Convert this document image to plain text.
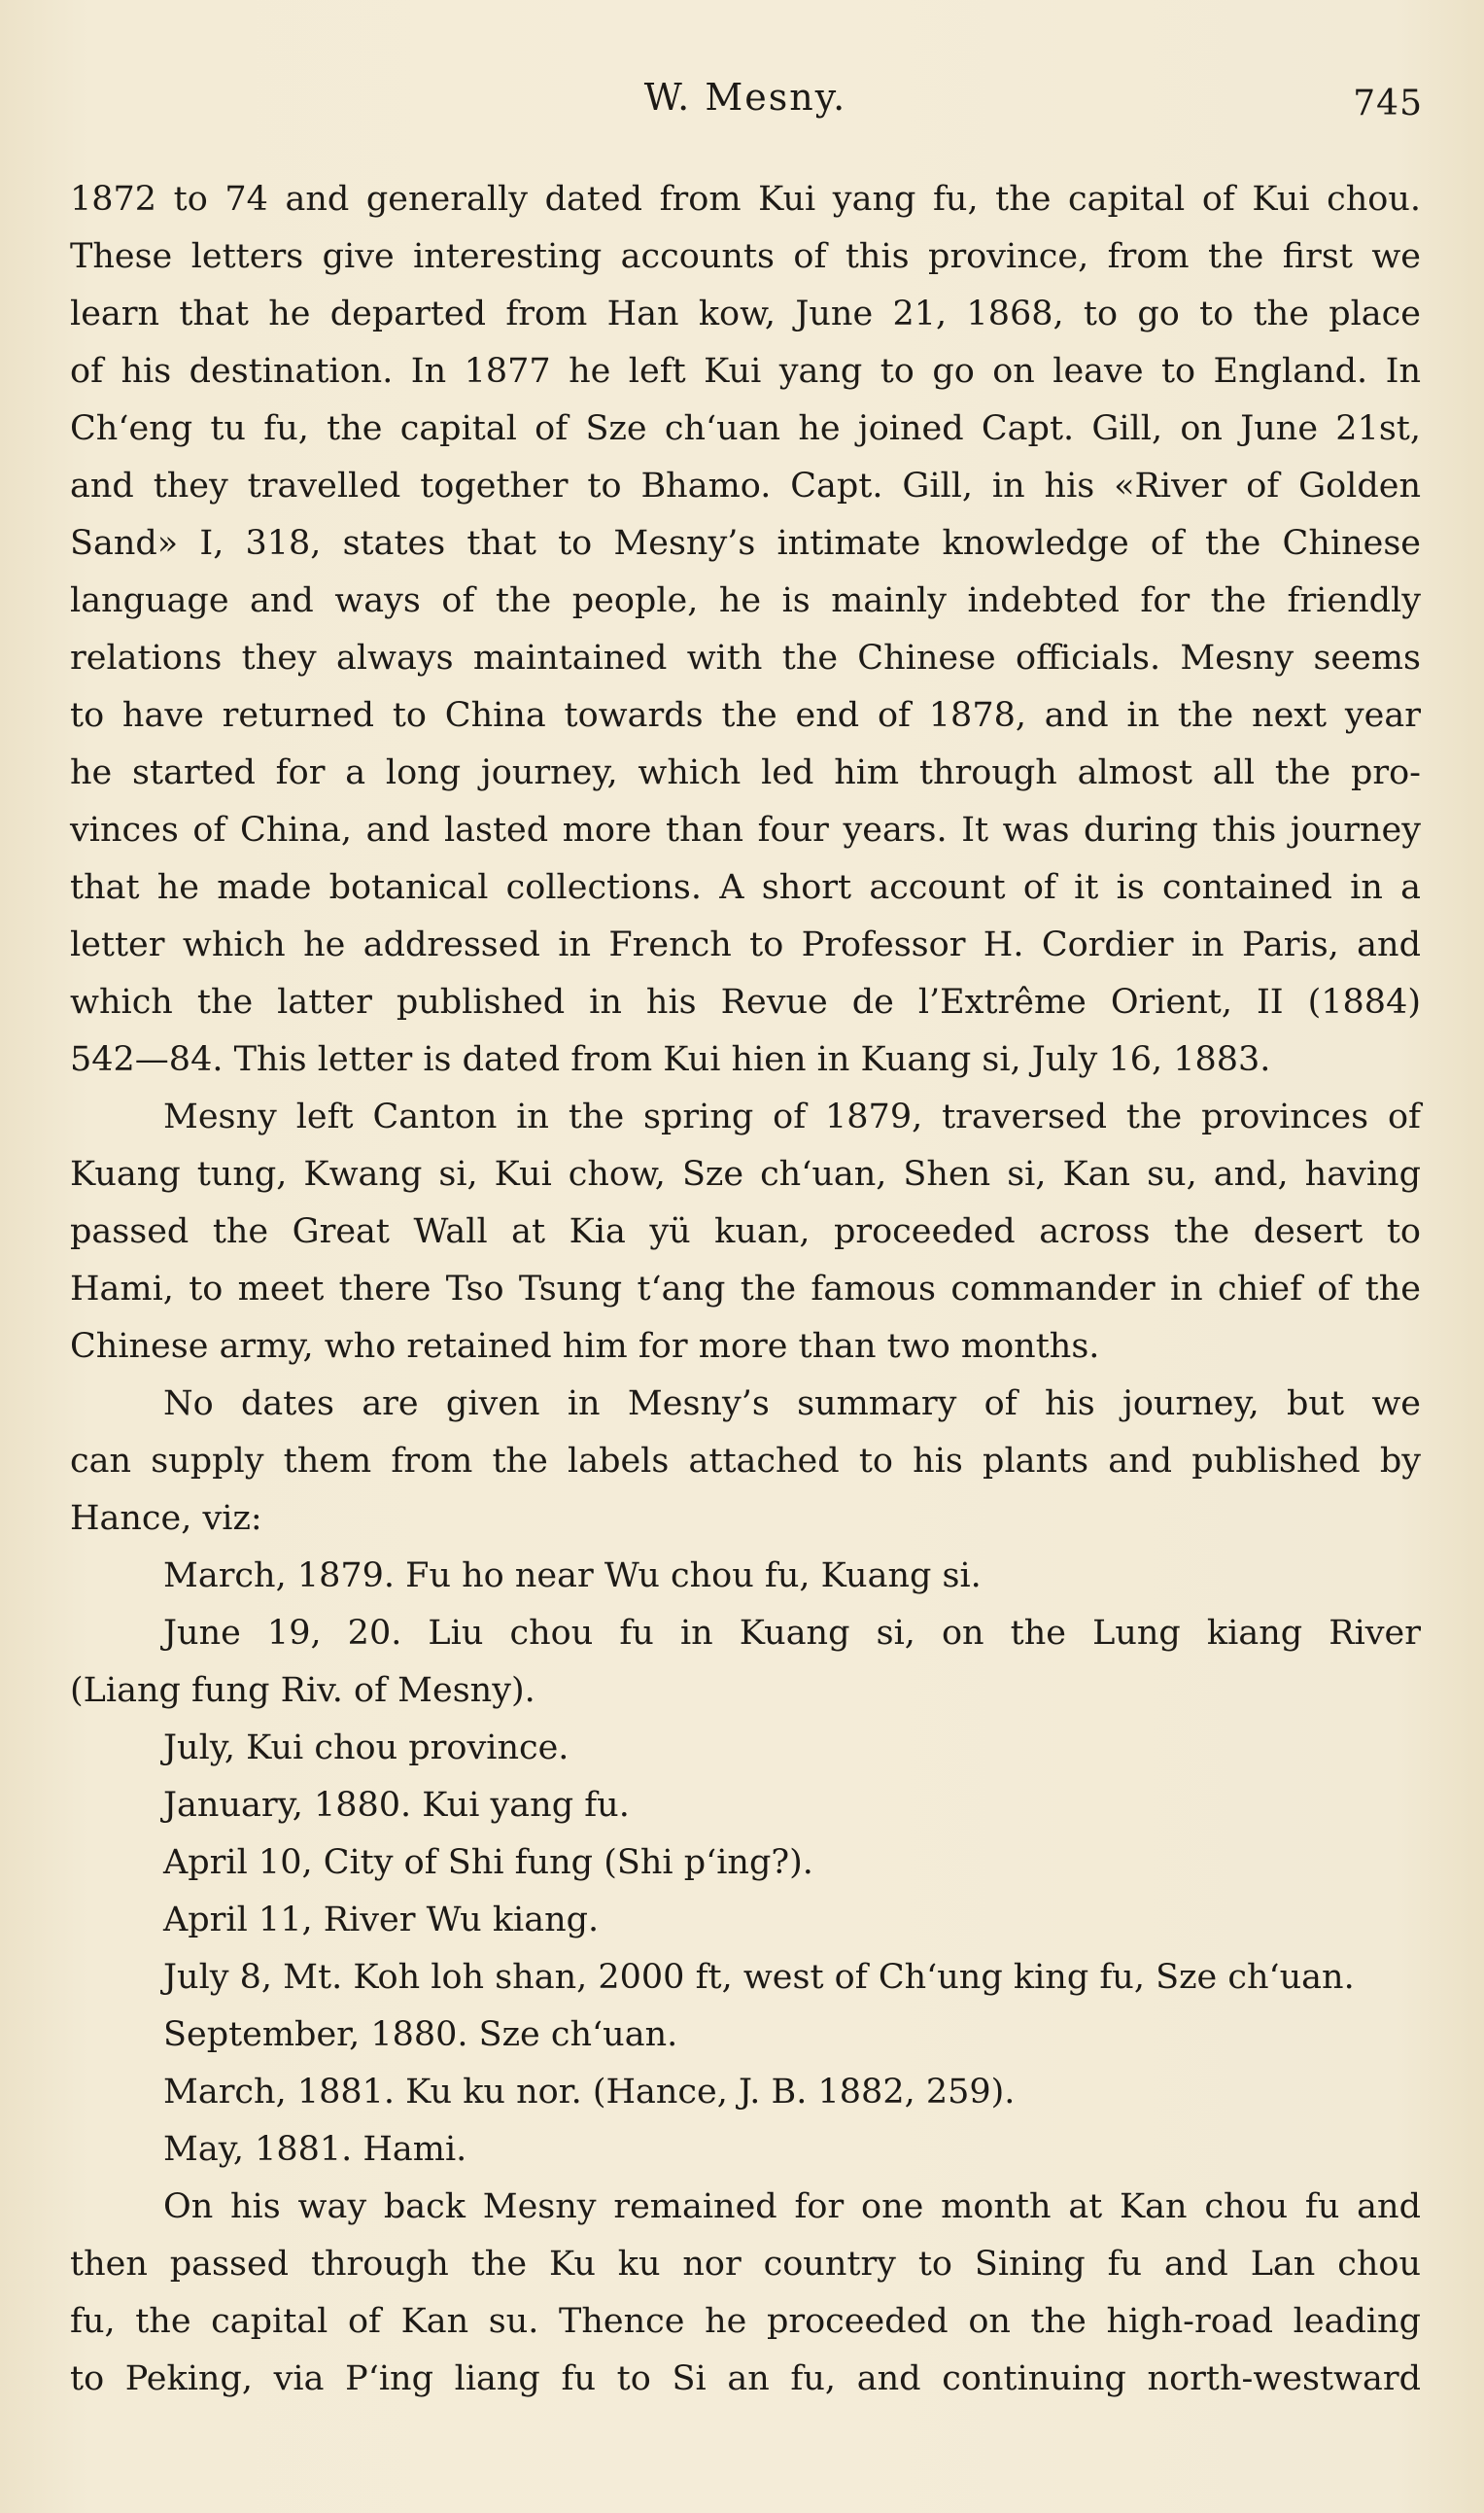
W. Mesny.	745
1872 to 74 and generally dated from Kui yang fu, the capital of Kui chou.
These letters give interesting accounts of this province, from the first we
learn that he departed from Han kow, June 21, 1868, to go to the place
of his destination. In 1877 he left Kui yang to go on leave to England. In
Chʻeng tu fu, the capital of Sze chʻuan he joined Capt. Gill, on June 21st,
and they travelled together to Bhamo. Capt. Gill, in his «River of Golden
Sand» I, 318, states that to Mesny’s intimate knowledge of the Chinese
language and ways of the people, he is mainly indebted for the friendly
relations they always maintained with the Chinese officials. Mesny seems
to have returned to China towards the end of 1878, and in the next year
he started for a long journey, which led him through almost all the pro-
vinces of China, and lasted more than four years. It was during this journey
that he made botanical collections. A short account of it is contained in a
letter which he addressed in French to Professor H. Cordier in Paris, and
which the latter published in his Revue de l’Extrême Orient, II (1884)
542—84. This letter is dated from Kui hien in Kuang si, July 16, 1883.
Mesny left Canton in the spring of 1879, traversed the provinces of
Kuang tung, Kwang si, Kui chow, Sze chʻuan, Shen si, Kan su, and, having
passed the Great Wall at Kia yü kuan, proceeded across the desert to
Hami, to meet there Tso Tsung tʻang the famous commander in chief of the
Chinese army, who retained him for more than two months.
No dates are given in Mesny’s summary of his journey, but we
can supply them from the labels attached to his plants and published by
Hance, viz:
March, 1879. Fu ho near Wu chou fu, Kuang si.
June 19, 20. Liu chou fu in Kuang si, on the Lung kiang River
(Liang fung Riv. of Mesny).
July, Kui chou province.
January, 1880. Kui yang fu.
April 10, City of Shi fung (Shi pʻing?).
April 11, River Wu kiang.
July 8, Mt. Koh loh shan, 2000 ft, west of Chʻung king fu, Sze chʻuan.
September, 1880. Sze chʻuan.
March, 1881. Ku ku nor. (Hance, J. B. 1882, 259).
May, 1881. Hami.
On his way back Mesny remained for one month at Kan chou fu and
then passed through the Ku ku nor country to Sining fu and Lan chou
fu, the capital of Kan su. Thence he proceeded on the high-road leading
to Peking, via Pʻing liang fu to Si an fu, and continuing north-westward
